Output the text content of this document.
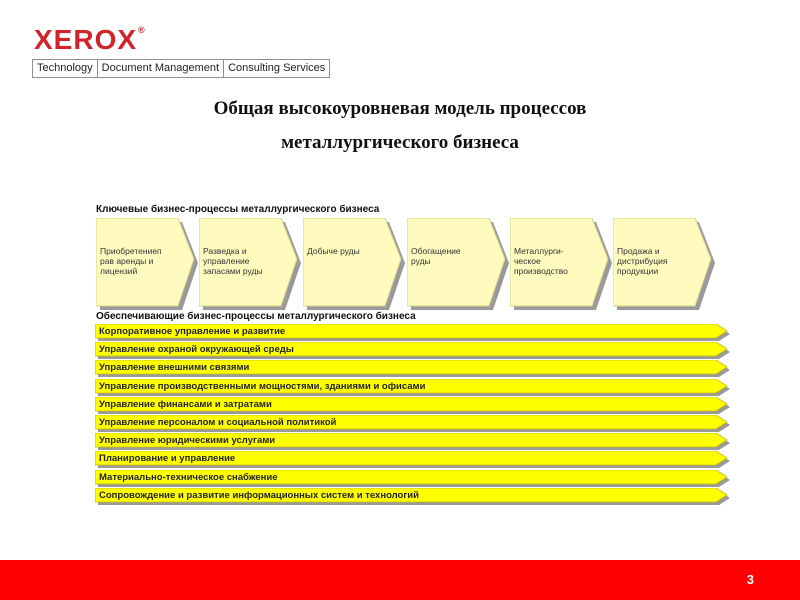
XEROX®
Technology Document Management Consulting Services
Общая высокоуровневая модель процессов
металлургического бизнеса
Ключевые бизнес-процессы металлургического бизнеса
Приобретениеп рав аренды и лицензий
Разведка и управление запасами руды
Добыче руды	Обогащение руды
Металлурги- ческое производство
Продажа и дистрибуция продукции
Обеспечивающие бизнес-процессы металлургического бизнеса
Корпоративное управление и развитие
Управление охраной окружающей среды
Управление внешними связями
Управление производственными мощностями, зданиями и офисами
Управление финансами и затратами
Управление персоналом и социальной политикой
Управление юридическими услугами
Планирование и управление
Материально-техническое снабжение
Сопровождение и развитие информационных систем и технологий
3
